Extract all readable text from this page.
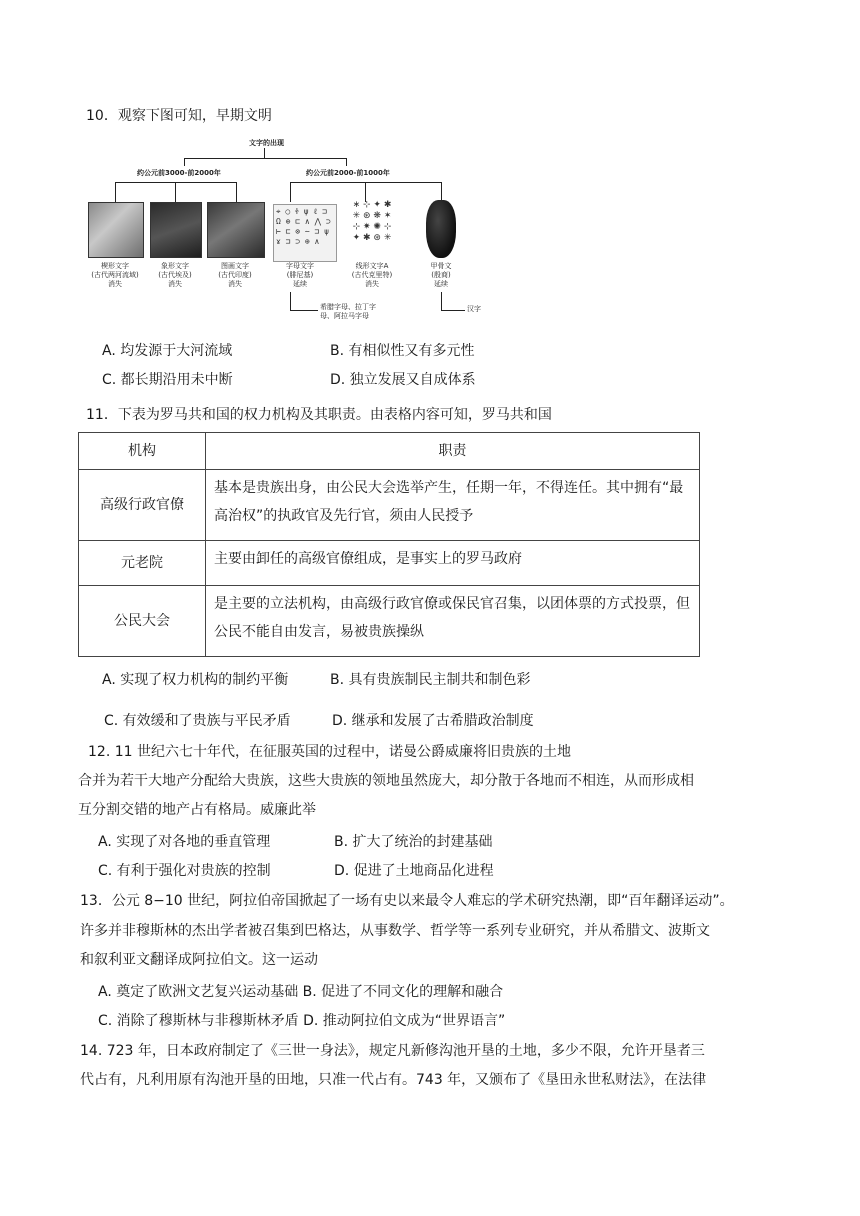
10．观察下图可知，早期文明
文字的出现
约公元前3000-前2000年	约公元前2000-前1000年
⌖ ○ Ꮠ ψ ℓ ⊐
Ω ⊕ ⊏ ∧ ⋀ ⊃
⊢ ⊏ ⊗ ∼ ⊐ ψ
ɤ ⊐ ⊃ ⊕ ∧
∗ ⊹ ✦ ✱
✳ ⊛ ❋ ✶
⊹ ✷ ✺ ⊹
✦ ✱ ⊛ ✳
楔形文字
(古代两河流域)
消失
象形文字
(古代埃及)
消失
图画文字
(古代印度)
消失
字母文字
(腓尼基)
延续
线形文字A
(古代克里特)
消失
甲骨文
(殷商)
延续
希腊字母、拉丁字母、阿拉马字母
汉字
A. 均发源于大河流域	B. 有相似性又有多元性
C. 都长期沿用未中断	D. 独立发展又自成体系
11．下表为罗马共和国的权力机构及其职责。由表格内容可知，罗马共和国
机构	职责
高级行政官僚	基本是贵族出身，由公民大会选举产生，任期一年，不得连任。其中拥有“最高治权”的执政官及先行官，须由人民授予
元老院	主要由卸任的高级官僚组成，是事实上的罗马政府
公民大会	是主要的立法机构，由高级行政官僚或保民官召集，以团体票的方式投票，但公民不能自由发言，易被贵族操纵
A. 实现了权力机构的制约平衡	B. 具有贵族制民主制共和制色彩
C. 有效缓和了贵族与平民矛盾	D. 继承和发展了古希腊政治制度
12. 11 世纪六七十年代，在征服英国的过程中，诺曼公爵威廉将旧贵族的土地
合并为若干大地产分配给大贵族，这些大贵族的领地虽然庞大，却分散于各地而不相连，从而形成相
互分割交错的地产占有格局。威廉此举
A. 实现了对各地的垂直管理	B. 扩大了统治的封建基础
C. 有利于强化对贵族的控制	D. 促进了土地商品化进程
13．公元 8−10 世纪，阿拉伯帝国掀起了一场有史以来最令人难忘的学术研究热潮，即“百年翻译运动”。
许多并非穆斯林的杰出学者被召集到巴格达，从事数学、哲学等一系列专业研究，并从希腊文、波斯文
和叙利亚文翻译成阿拉伯文。这一运动
A. 奠定了欧洲文艺复兴运动基础 B. 促进了不同文化的理解和融合
C. 消除了穆斯林与非穆斯林矛盾 D. 推动阿拉伯文成为“世界语言”
14. 723 年，日本政府制定了《三世一身法》，规定凡新修沟池开垦的土地，多少不限，允许开垦者三
代占有，凡利用原有沟池开垦的田地，只准一代占有。743 年，又颁布了《垦田永世私财法》，在法律
